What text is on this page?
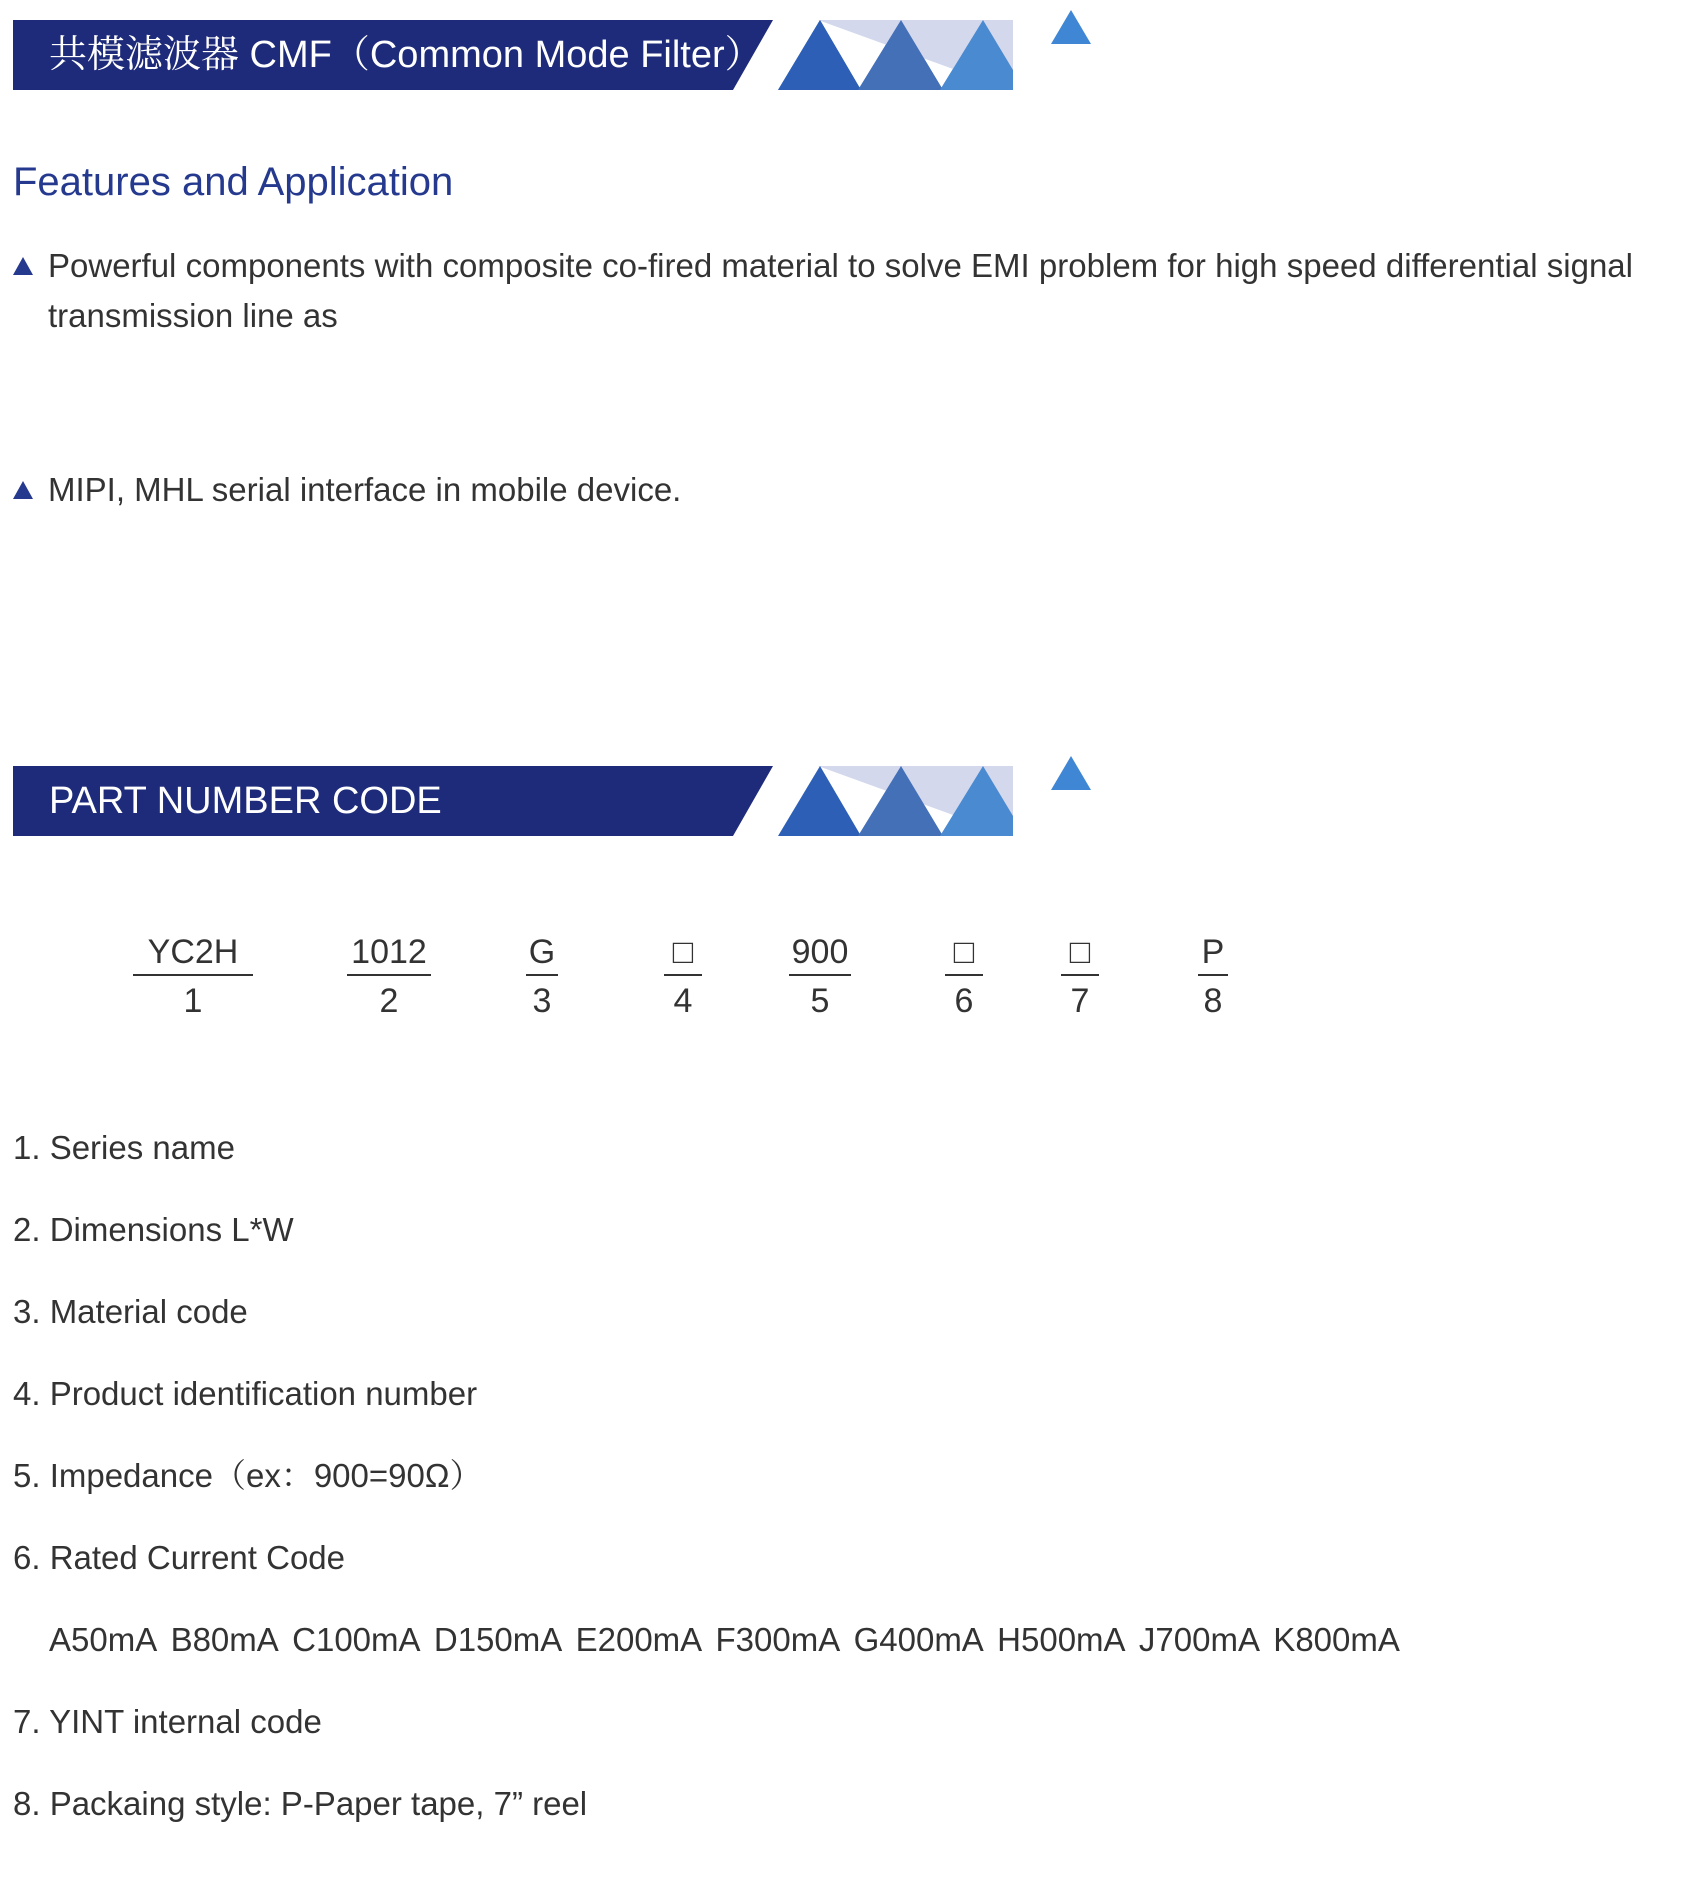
共模滤波器 CMF（Common Mode Filter）
Features and Application
Powerful components with composite co-fired material to solve EMI problem for high speed differential signal transmission line as
MIPI, MHL serial interface in mobile device.
PART NUMBER CODE
YC2H
1
1012
2
G
3
□
4
900
5
□
6
□
7
P
8
1. Series name
2. Dimensions L*W
3. Material code
4. Product identification number
5. Impedance（ex：900=90Ω）
6. Rated Current Code
A50mA B80mA C100mA D150mA E200mA F300mA G400mA H500mA J700mA K800mA
7. YINT internal code
8. Packaing style: P-Paper tape, 7” reel
